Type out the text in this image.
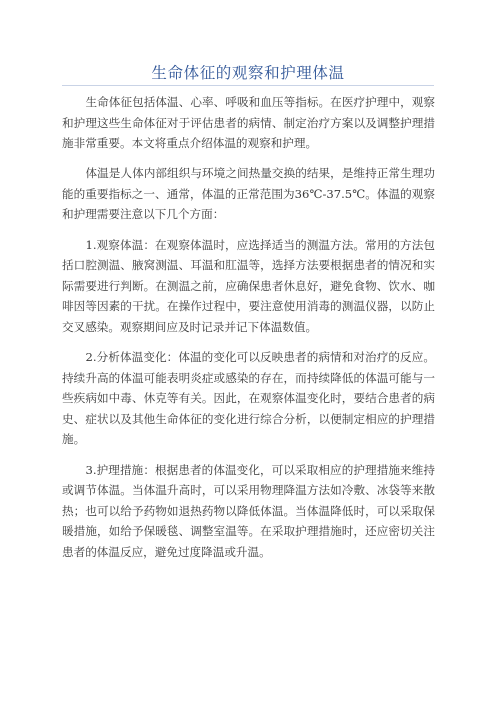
生命体征的观察和护理体温

生命体征包括体温、心率、呼吸和血压等指标。在医疗护理中，观察和护理这些生命体征对于评估患者的病情、制定治疗方案以及调整护理措施非常重要。本文将重点介绍体温的观察和护理。

体温是人体内部组织与环境之间热量交换的结果，是维持正常生理功能的重要指标之一、通常，体温的正常范围为36℃-37.5℃。体温的观察和护理需要注意以下几个方面：

1.观察体温：在观察体温时，应选择适当的测温方法。常用的方法包括口腔测温、腋窝测温、耳温和肛温等，选择方法要根据患者的情况和实际需要进行判断。在测温之前，应确保患者休息好，避免食物、饮水、咖啡因等因素的干扰。在操作过程中，要注意使用消毒的测温仪器，以防止交叉感染。观察期间应及时记录并记下体温数值。

2.分析体温变化：体温的变化可以反映患者的病情和对治疗的反应。持续升高的体温可能表明炎症或感染的存在，而持续降低的体温可能与一些疾病如中毒、休克等有关。因此，在观察体温变化时，要结合患者的病史、症状以及其他生命体征的变化进行综合分析，以便制定相应的护理措施。

3.护理措施：根据患者的体温变化，可以采取相应的护理措施来维持或调节体温。当体温升高时，可以采用物理降温方法如冷敷、冰袋等来散热；也可以给予药物如退热药物以降低体温。当体温降低时，可以采取保暖措施，如给予保暖毯、调整室温等。在采取护理措施时，还应密切关注患者的体温反应，避免过度降温或升温。
